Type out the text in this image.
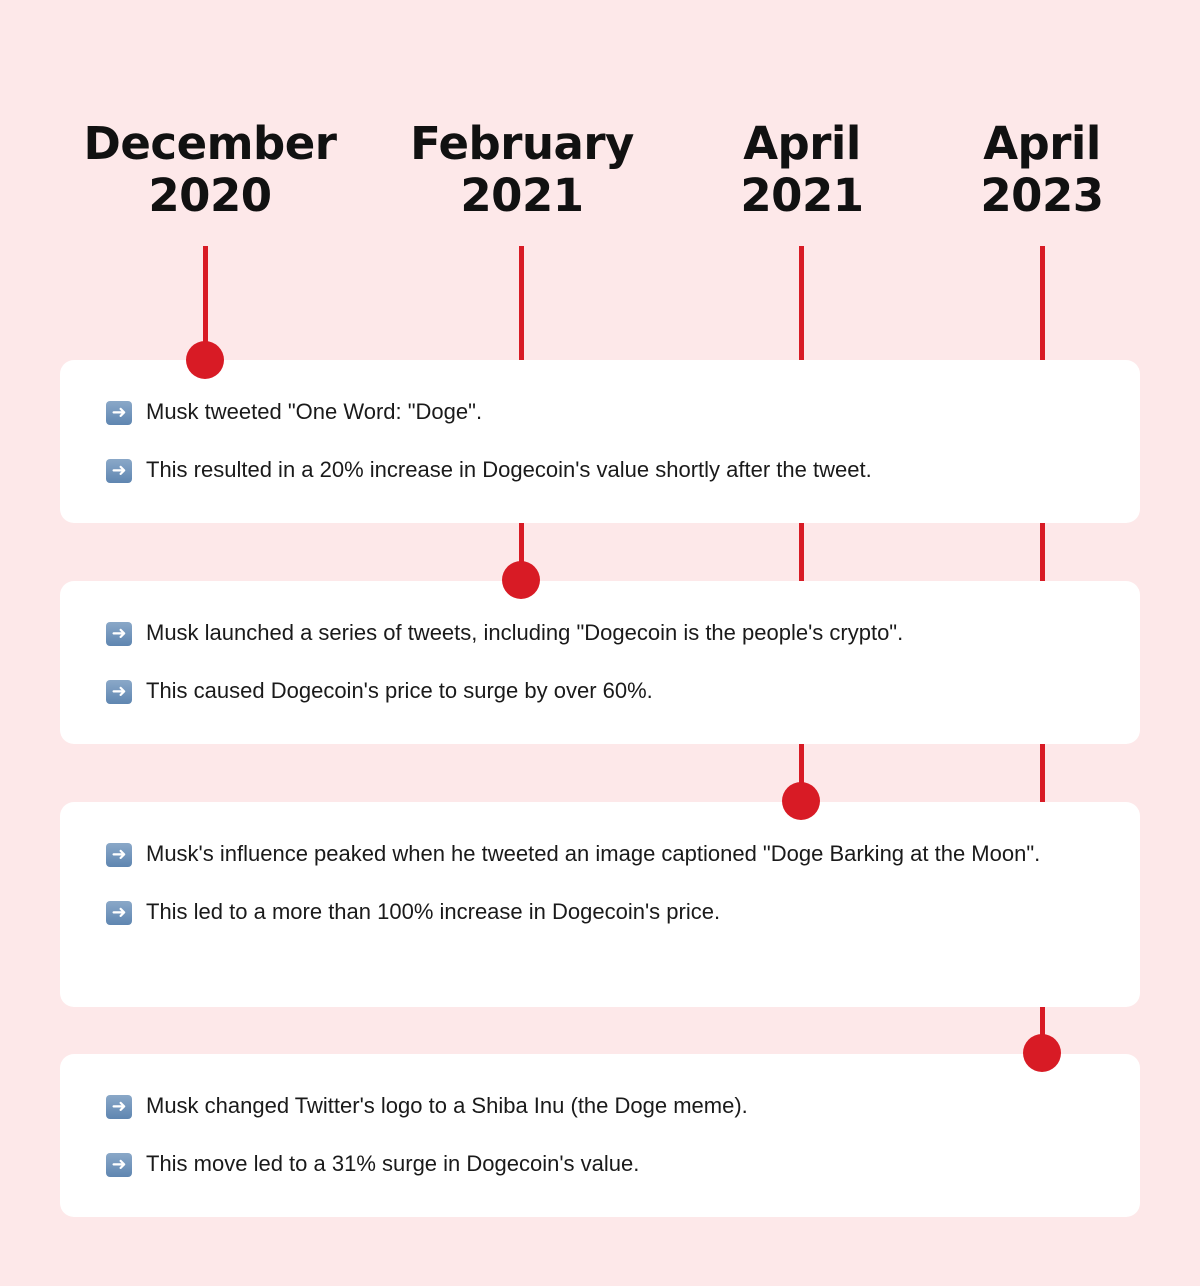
December
2020
February
2021
April
2021
April
2023
➜ Musk tweeted "One Word: "Doge".
➜ This resulted in a 20% increase in Dogecoin's value shortly after the tweet.
➜ Musk launched a series of tweets, including "Dogecoin is the people's crypto".
➜ This caused Dogecoin's price to surge by over 60%.
➜ Musk's influence peaked when he tweeted an image captioned "Doge Barking at the Moon".
➜ This led to a more than 100% increase in Dogecoin's price.
➜ Musk changed Twitter's logo to a Shiba Inu (the Doge meme).
➜ This move led to a 31% surge in Dogecoin's value.
